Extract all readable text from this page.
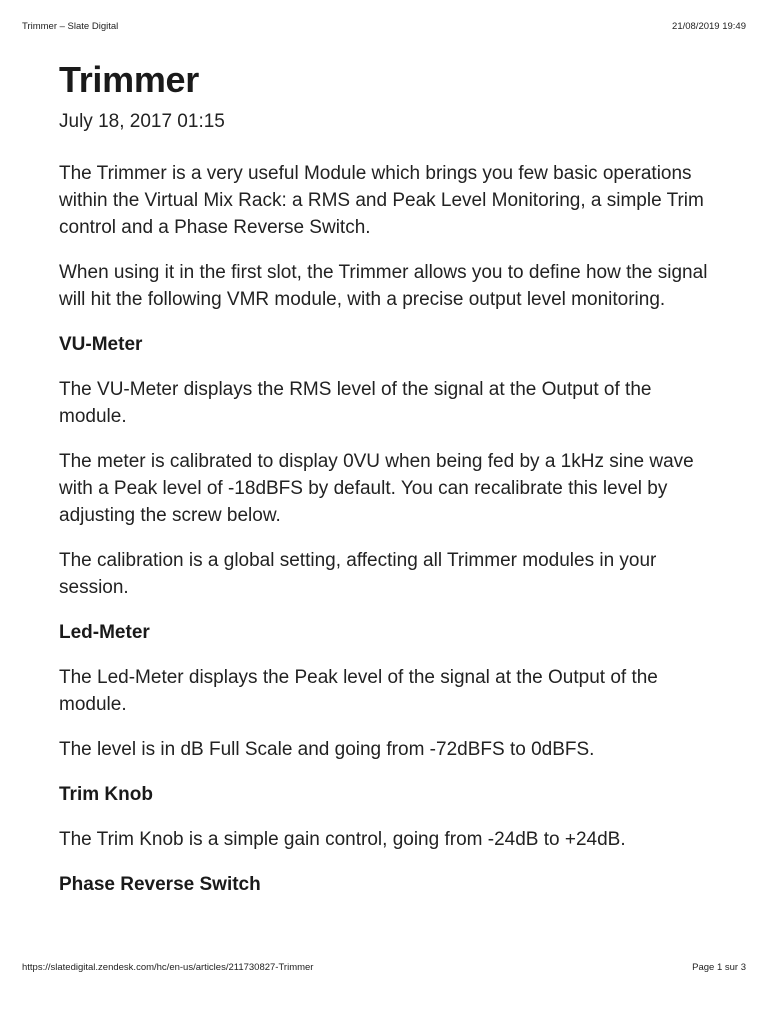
Trimmer – Slate Digital	21/08/2019 19:49
Trimmer
July 18, 2017 01:15

The Trimmer is a very useful Module which brings you few basic operations within the Virtual Mix Rack: a RMS and Peak Level Monitoring, a simple Trim control and a Phase Reverse Switch.

When using it in the first slot, the Trimmer allows you to define how the signal will hit the following VMR module, with a precise output level monitoring.

VU-Meter

The VU-Meter displays the RMS level of the signal at the Output of the module.

The meter is calibrated to display 0VU when being fed by a 1kHz sine wave with a Peak level of -18dBFS by default. You can recalibrate this level by adjusting the screw below.

The calibration is a global setting, affecting all Trimmer modules in your session.

Led-Meter

The Led-Meter displays the Peak level of the signal at the Output of the module.

The level is in dB Full Scale and going from -72dBFS to 0dBFS.

Trim Knob

The Trim Knob is a simple gain control, going from -24dB to +24dB.

Phase Reverse Switch
https://slatedigital.zendesk.com/hc/en-us/articles/211730827-Trimmer	Page 1 sur 3
